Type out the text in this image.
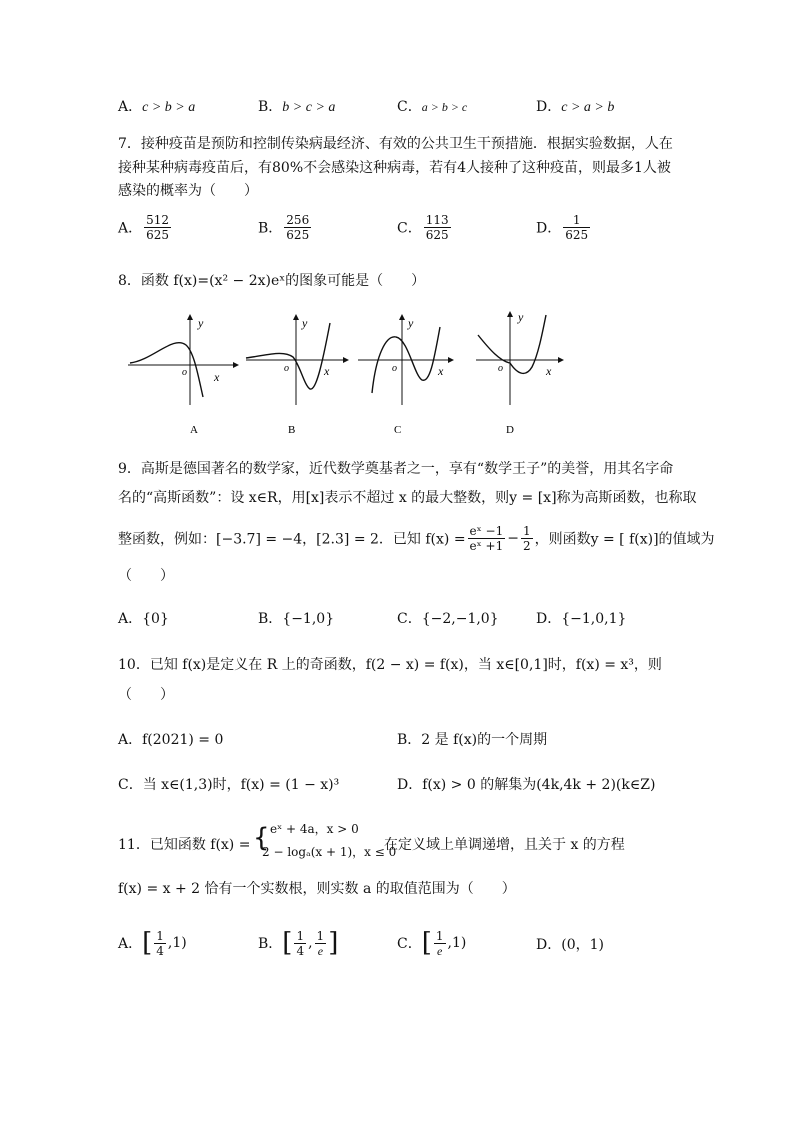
A．c > b > a	B．b > c > a	C．a > b > c	D．c > a > b
7．接种疫苗是预防和控制传染病最经济、有效的公共卫生干预措施．根据实验数据，人在
接种某种病毒疫苗后，有80%不会感染这种病毒，若有4人接种了这种疫苗，则最多1人被
感染的概率为（　　）
A． $\frac{512}{625}$	B． $\frac{256}{625}$	C． $\frac{113}{625}$	D． $\frac{1}{625}$
8．函数 f(x)=(x² − 2x)eˣ的图象可能是（　　）
y
x
o
A
y
x
o
B
y
x
o
C
y
x
o
D
9．高斯是德国著名的数学家，近代数学奠基者之一，享有“数学王子”的美誉，用其名字命
名的“高斯函数”：设 x∈R，用[x]表示不超过 x 的最大整数，则y = [x]称为高斯函数，也称取
整函数，例如：[−3.7] = −4，[2.3] = 2．已知 $f(x) = \frac{\text{eˣ −1}}{\text{eˣ +1}} - \frac{1}{2}$ ，则函数y = [ f(x)]的值域为
（　　）
A．{0}	B．{−1,0}	C．{−2,−1,0}	D．{−1,0,1}
10．已知 f(x)是定义在 R 上的奇函数，f(2 − x) = f(x)，当 x∈[0,1]时，f(x) = x³，则
（　　）
A．f(2021) = 0	B．2 是 f(x)的一个周期
C．当 x∈(1,3)时，f(x) = (1 − x)³	D．f(x) > 0 的解集为(4k,4k + 2)(k∈Z)
11．已知函数 f(x) = { eˣ + 4a，x > 0
2 − logₐ(x + 1)，x ≤ 0
在定义域上单调递增，且关于 x 的方程
f(x) = x + 2 恰有一个实数根，则实数 a 的取值范围为（　　）
A．[ $\frac{1}{4} ,1$)	B．[ $\frac{1}{4}$ , $\frac{1}{e}$ ]	C．[ $\frac{1}{e} ,1$)	D．(0，1)
